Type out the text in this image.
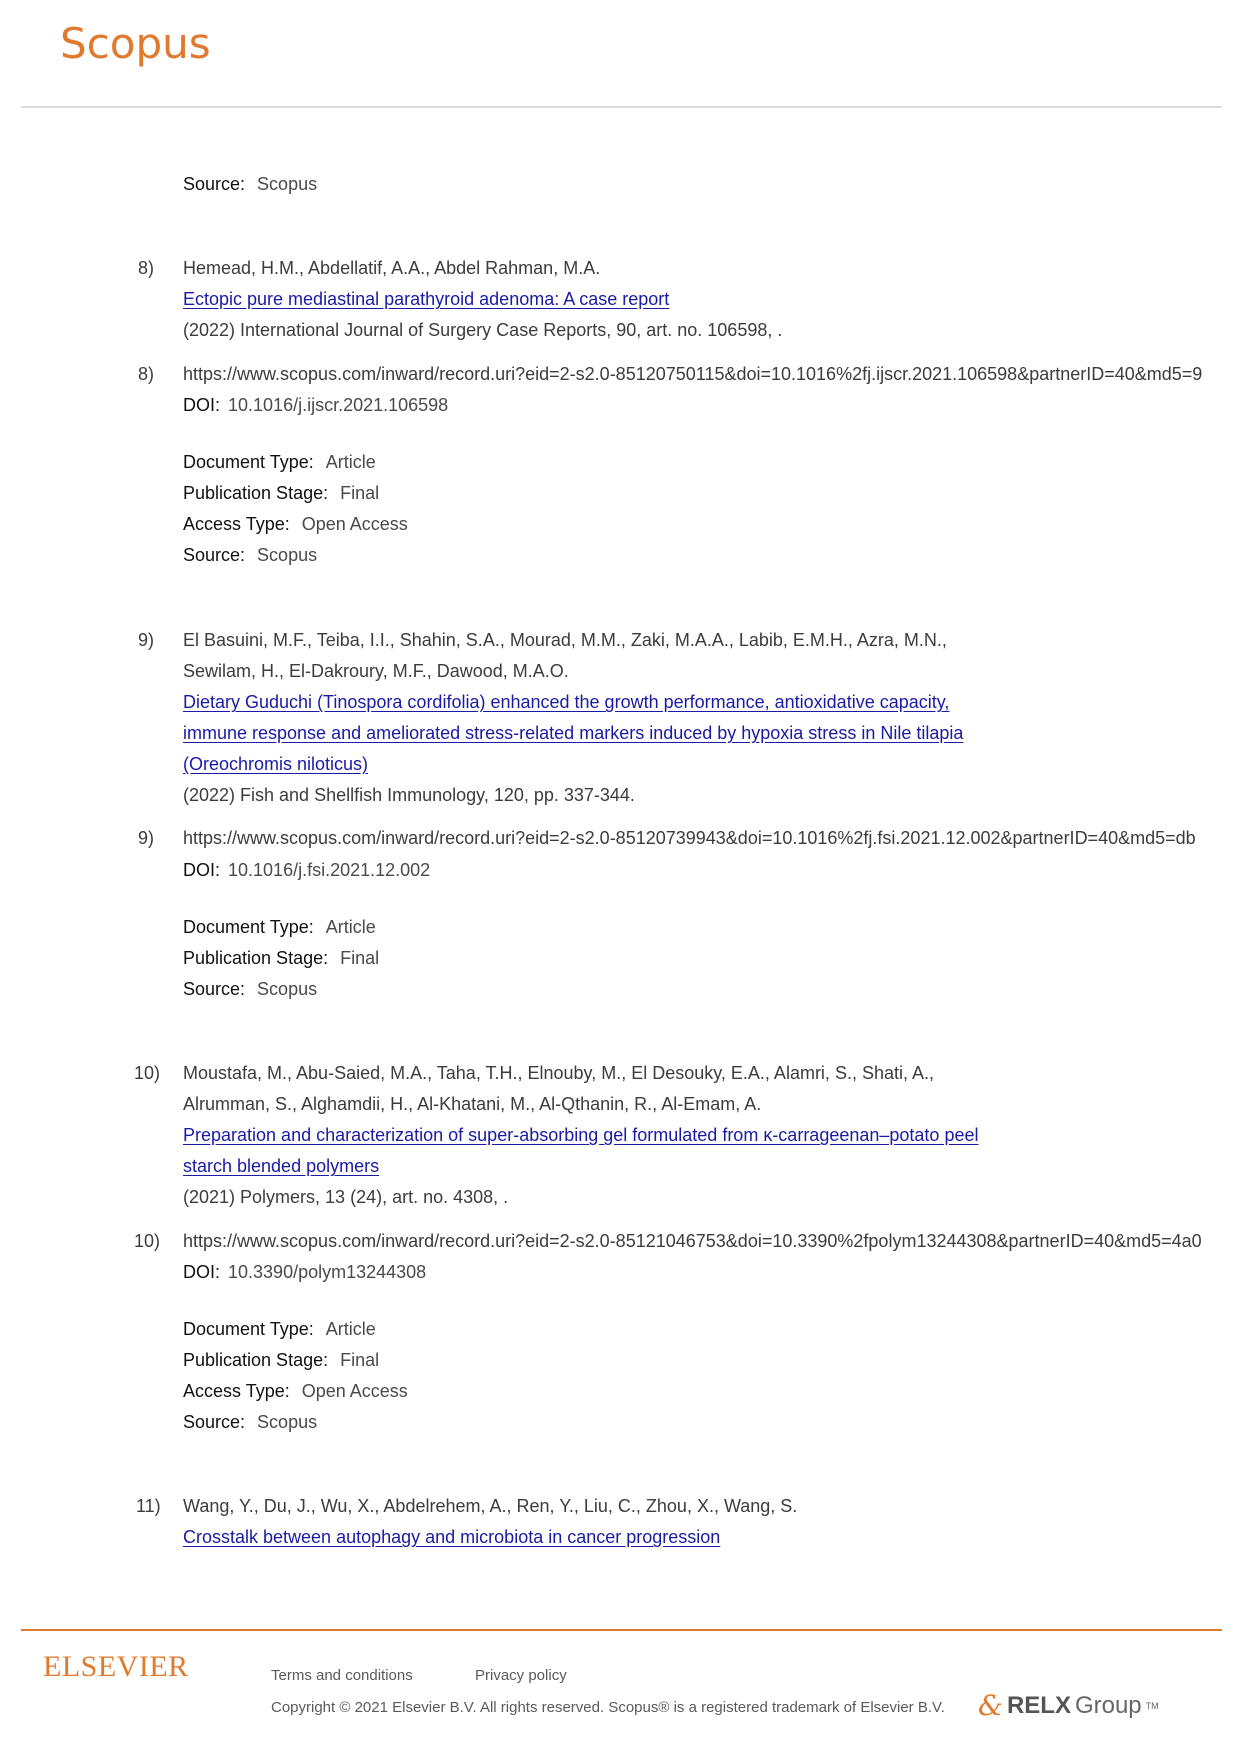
Scopus
Source: Scopus
8) Hemead, H.M., Abdellatif, A.A., Abdel Rahman, M.A.
Ectopic pure mediastinal parathyroid adenoma: A case report
(2022) International Journal of Surgery Case Reports, 90, art. no. 106598, .
8) https://www.scopus.com/inward/record.uri?eid=2-s2.0-85120750115&doi=10.1016%2fj.ijscr.2021.106598&partnerID=40&md5=9
DOI: 10.1016/j.ijscr.2021.106598
Document Type: Article
Publication Stage: Final
Access Type: Open Access
Source: Scopus
9) El Basuini, M.F., Teiba, I.I., Shahin, S.A., Mourad, M.M., Zaki, M.A.A., Labib, E.M.H., Azra, M.N.,
Sewilam, H., El-Dakroury, M.F., Dawood, M.A.O.
Dietary Guduchi (Tinospora cordifolia) enhanced the growth performance, antioxidative capacity,
immune response and ameliorated stress-related markers induced by hypoxia stress in Nile tilapia
(Oreochromis niloticus)
(2022) Fish and Shellfish Immunology, 120, pp. 337-344.
9) https://www.scopus.com/inward/record.uri?eid=2-s2.0-85120739943&doi=10.1016%2fj.fsi.2021.12.002&partnerID=40&md5=db
DOI: 10.1016/j.fsi.2021.12.002
Document Type: Article
Publication Stage: Final
Source: Scopus
10) Moustafa, M., Abu-Saied, M.A., Taha, T.H., Elnouby, M., El Desouky, E.A., Alamri, S., Shati, A.,
Alrumman, S., Alghamdii, H., Al-Khatani, M., Al-Qthanin, R., Al-Emam, A.
Preparation and characterization of super-absorbing gel formulated from κ-carrageenan–potato peel
starch blended polymers
(2021) Polymers, 13 (24), art. no. 4308, .
10) https://www.scopus.com/inward/record.uri?eid=2-s2.0-85121046753&doi=10.3390%2fpolym13244308&partnerID=40&md5=4a0
DOI: 10.3390/polym13244308
Document Type: Article
Publication Stage: Final
Access Type: Open Access
Source: Scopus
11) Wang, Y., Du, J., Wu, X., Abdelrehem, A., Ren, Y., Liu, C., Zhou, X., Wang, S.
Crosstalk between autophagy and microbiota in cancer progression
ELSEVIER	Terms and conditions	Privacy policy
Copyright © 2021 Elsevier B.V. All rights reserved. Scopus® is a registered trademark of Elsevier B.V. & RELX Group TM
